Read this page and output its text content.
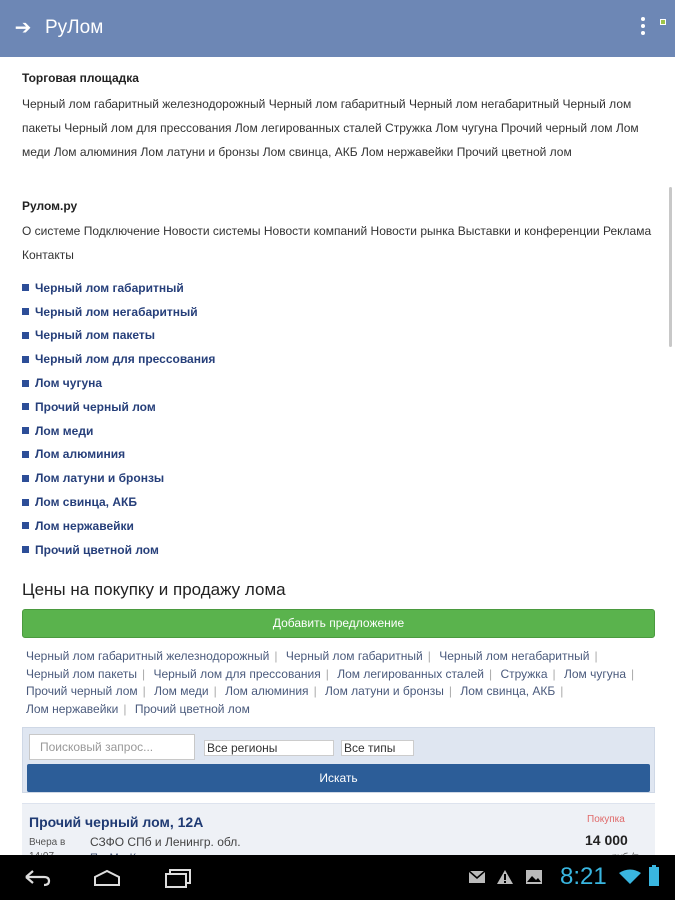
➔ РуЛом
Торговая площадка
Черный лом габаритный железнодорожный Черный лом габаритный Черный лом негабаритный Черный лом пакеты Черный лом для прессования Лом легированных сталей Стружка Лом чугуна Прочий черный лом Лом меди Лом алюминия Лом латуни и бронзы Лом свинца, АКБ Лом нержавейки Прочий цветной лом
Рулом.ру
О системе Подключение Новости системы Новости компаний Новости рынка Выставки и конференции Реклама Контакты
Черный лом габаритный
Черный лом негабаритный
Черный лом пакеты
Черный лом для прессования
Лом чугуна
Прочий черный лом
Лом меди
Лом алюминия
Лом латуни и бронзы
Лом свинца, АКБ
Лом нержавейки
Прочий цветной лом
Цены на покупку и продажу лома
Добавить предложение
Черный лом габаритный железнодорожный | Черный лом габаритный | Черный лом негабаритный | Черный лом пакеты | Черный лом для прессования | Лом легированных сталей | Стружка | Лом чугуна | Прочий черный лом | Лом меди | Лом алюминия | Лом латуни и бронзы | Лом свинца, АКБ | Лом нержавейки | Прочий цветной лом
Поисковый запрос...	Все регионы	Все типы
Искать
Прочий черный лом, 12А
Вчера в	СЗФО СПб и Ленингр. обл.
Покупка
14 000
8:21
